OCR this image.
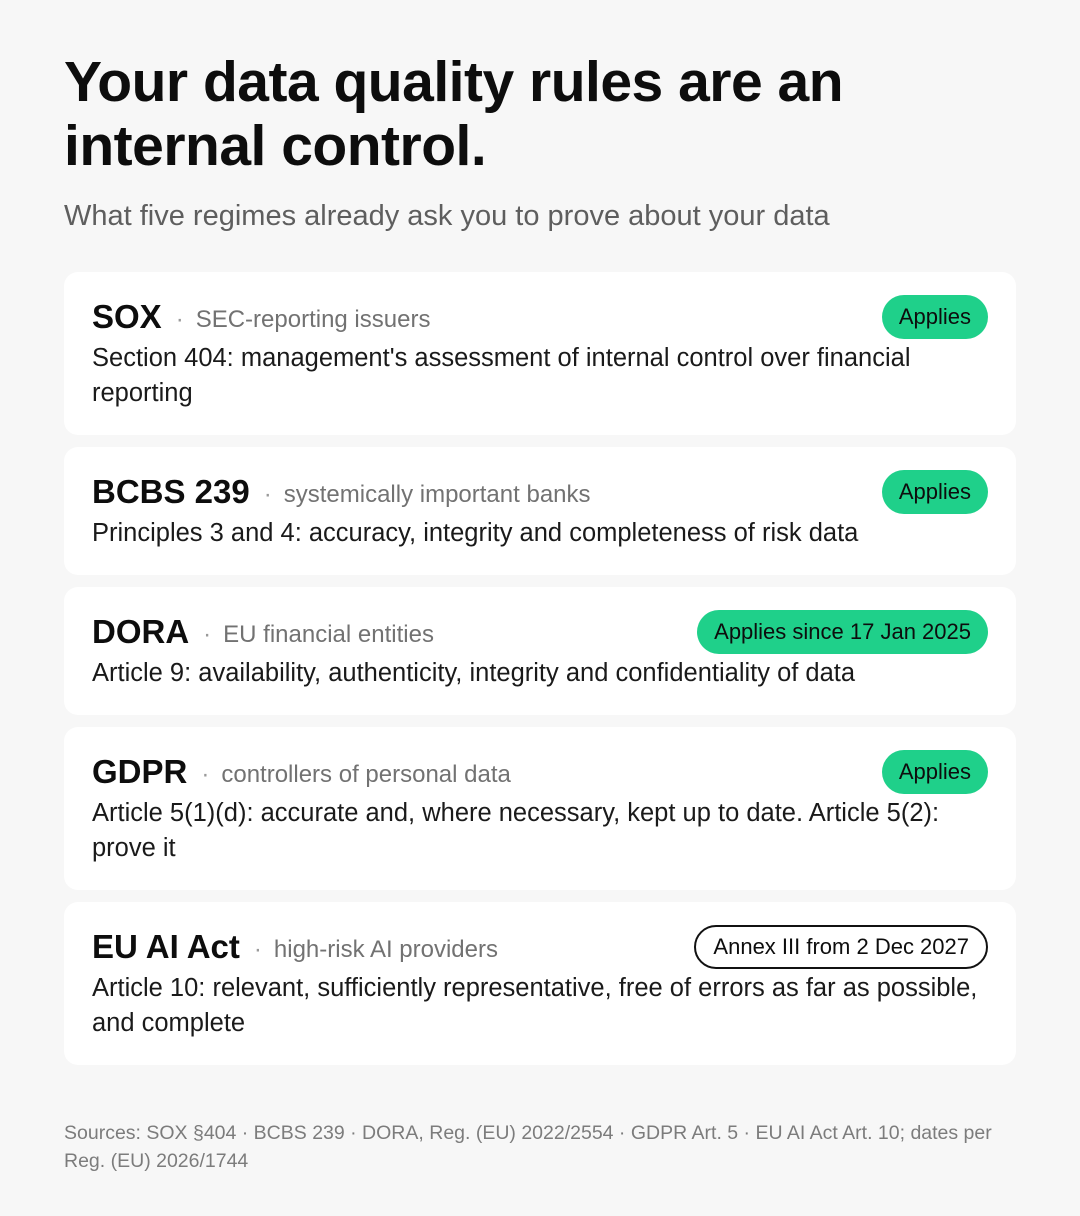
Your data quality rules are an internal control.
What five regimes already ask you to prove about your data
SOX · SEC-reporting issuers	Applies
Section 404: management's assessment of internal control over financial reporting
BCBS 239 · systemically important banks	Applies
Principles 3 and 4: accuracy, integrity and completeness of risk data
DORA · EU financial entities	Applies since 17 Jan 2025
Article 9: availability, authenticity, integrity and confidentiality of data
GDPR · controllers of personal data	Applies
Article 5(1)(d): accurate and, where necessary, kept up to date. Article 5(2): prove it
EU AI Act · high-risk AI providers	Annex III from 2 Dec 2027
Article 10: relevant, sufficiently representative, free of errors as far as possible, and complete
Sources: SOX §404 · BCBS 239 · DORA, Reg. (EU) 2022/2554 · GDPR Art. 5 · EU AI Act Art. 10; dates per Reg. (EU) 2026/1744
